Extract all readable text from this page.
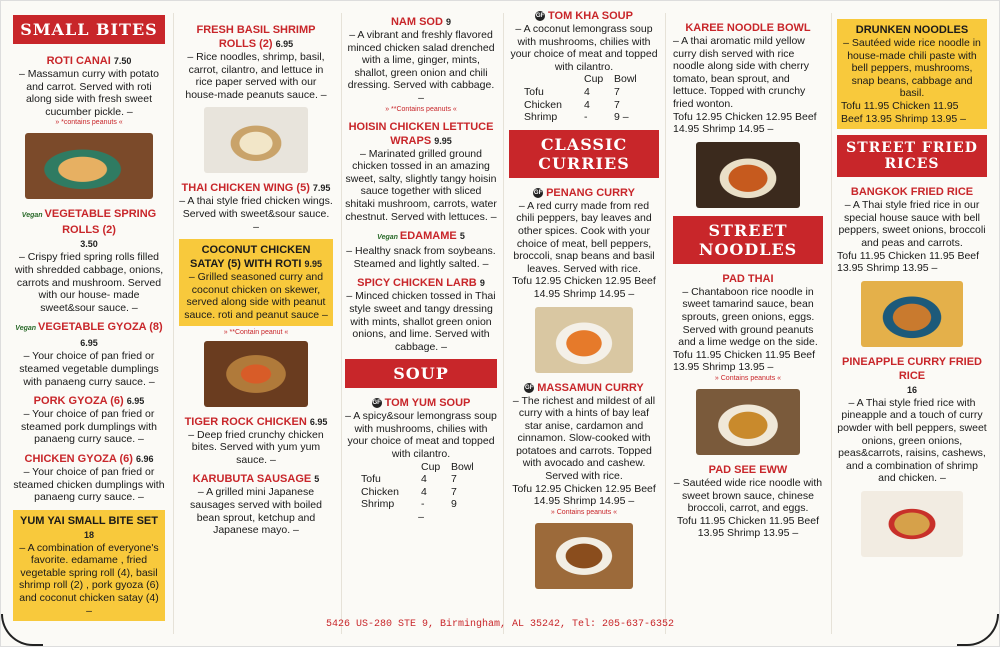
SMALL BITES
ROTI CANAI 7.50
– Massamun curry with potato and carrot. Served with roti along side with fresh sweet cucumber pickle. –
» *contains peanuts «
Vegan VEGETABLE SPRING ROLLS (2)
3.50
– Crispy fried spring rolls filled with shredded cabbage, onions, carrots and mushroom. Served with our house- made sweet&sour sauce. –
Vegan VEGETABLE GYOZA (8) 6.95
– Your choice of pan fried or steamed vegetable dumplings with panaeng curry sauce. –
PORK GYOZA (6) 6.95
– Your choice of pan fried or steamed pork dumplings with panaeng curry sauce. –
CHICKEN GYOZA (6) 6.96
– Your choice of pan fried or steamed chicken dumplings with panaeng curry sauce. –
YUM YAI SMALL BITE SET 18
– A combination of everyone's favorite. edamame , fried vegetable spring roll (4), basil shrimp roll (2) , pork gyoza (6) and coconut chicken satay (4) –
FRESH BASIL SHRIMP ROLLS (2) 6.95
– Rice noodles, shrimp, basil, carrot, cilantro, and lettuce in rice paper served with our house-made peanuts sauce. –
THAI CHICKEN WING (5) 7.95
– A thai style fried chicken wings. Served with sweet&sour sauce. –
COCONUT CHICKEN SATAY (5) WITH ROTI 9.95
– Grilled seasoned curry and coconut chicken on skewer, served along side with peanut sauce. roti and peanut sauce –
» **Contain peanut «
TIGER ROCK CHICKEN 6.95
– Deep fried crunchy chicken bites. Served with yum yum sauce. –
KARUBUTA SAUSAGE 5
– A grilled mini Japanese sausages served with boiled bean sprout, ketchup and Japanese mayo. –
NAM SOD 9
– A vibrant and freshly flavored minced chicken salad drenched with a lime, ginger, mints, shallot, green onion and chili dressing. Served with cabbage. –
» **Contains peanuts «
HOISIN CHICKEN LETTUCE WRAPS 9.95
– Marinated grilled ground chicken tossed in an amazing sweet, salty, slightly tangy hoisin sauce together with sliced shitaki mushroom, carrots, water chestnut. Served with lettuces. –
Vegan EDAMAME 5
– Healthy snack from soybeans. Steamed and lightly salted. –
SPICY CHICKEN LARB 9
– Minced chicken tossed in Thai style sweet and tangy dressing with mints, shallot green onion onions, and lime. Served with cabbage. –
SOUP
GF TOM YUM SOUP
– A spicy&sour lemongrass soup with mushrooms, chilies with your choice of meat and topped with cilantro.
Cup	Bowl
Tofu	4	7
Chicken	4	7
Shrimp	-	9
–
GF TOM KHA SOUP
– A coconut lemongrass soup with mushrooms, chilies with your choice of meat and topped with cilantro.
Cup	Bowl
Tofu	4	7
Chicken	4	7
Shrimp	-	9 –
CLASSIC CURRIES
GF PENANG CURRY
– A red curry made from red chili peppers, bay leaves and other spices. Cook with your choice of meat, bell peppers, broccoli, snap beans and basil leaves. Served with rice.
Tofu 12.95 Chicken 12.95 Beef 14.95 Shrimp 14.95 –
GF MASSAMUN CURRY
– The richest and mildest of all curry with a hints of bay leaf star anise, cardamon and cinnamon. Slow-cooked with potatoes and carrots. Topped with avocado and cashew. Served with rice.
Tofu 12.95 Chicken 12.95 Beef 14.95 Shrimp 14.95 –
» Contains peanuts «
KAREE NOODLE BOWL
– A thai aromatic mild yellow curry dish served with rice noodle along side with cherry tomato, bean sprout, and lettuce. Topped with crunchy fried wonton.
Tofu 12.95 Chicken 12.95 Beef 14.95 Shrimp 14.95 –
STREET NOODLES
PAD THAI
– Chantaboon rice noodle in sweet tamarind sauce, bean sprouts, green onions, eggs. Served with ground peanuts and a lime wedge on the side.
Tofu 11.95 Chicken 11.95 Beef 13.95 Shrimp 13.95 –
» Contains peanuts «
PAD SEE EWW
– Sautéed wide rice noodle with sweet brown sauce, chinese broccoli, carrot, and eggs.
Tofu 11.95 Chicken 11.95 Beef 13.95 Shrimp 13.95 –
DRUNKEN NOODLES
– Sautéed wide rice noodle in house-made chili paste with bell peppers, mushrooms, snap beans, cabbage and basil.
Tofu 11.95 Chicken 11.95 Beef 13.95 Shrimp 13.95 –
STREET FRIED RICES
BANGKOK FRIED RICE
– A Thai style fried rice in our special house sauce with bell peppers, sweet onions, broccoli and peas and carrots.
Tofu 11.95 Chicken 11.95 Beef 13.95 Shrimp 13.95 –
PINEAPPLE CURRY FRIED RICE
16
– A Thai style fried rice with pineapple and a touch of curry powder with bell peppers, sweet onions, green onions, peas&carrots, raisins, cashews, and a combination of shrimp and chicken. –
5426 US-280 STE 9, Birmingham, AL 35242, Tel: 205-637-6352
